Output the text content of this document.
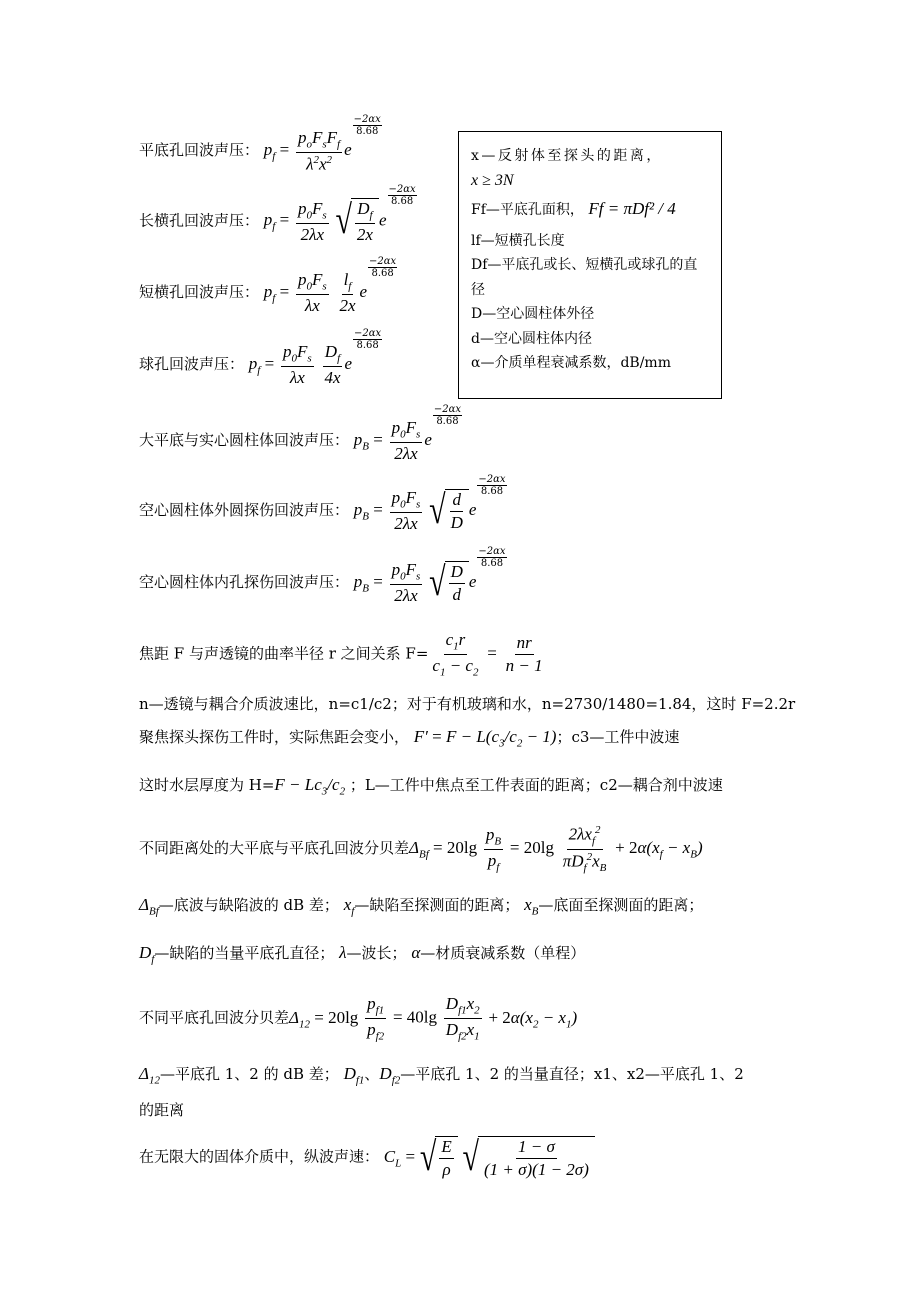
平底孔回波声压： $p_f = \frac{p_oF_sF_f}{\lambda^2x^2}$ e
$\frac{-2\alpha x}{8.68}$
长横孔回波声压： $p_f = \frac{p_0F_s}{2\lambda x}$
√ $\frac{D_f}{2x}$ e
$\frac{-2\alpha x}{8.68}$
短横孔回波声压： $p_f = \frac{p_0F_s}{\lambda x}$
$\frac{l_f}{2x}$ e
$\frac{-2\alpha x}{8.68}$
球孔回波声压： $p_f = \frac{p_0F_s}{\lambda x}$
$\frac{D_f}{4x}$ e
$\frac{-2\alpha x}{8.68}$
x—反射体至探头的距离，
x ≥ 3N
Ff—平底孔面积， Ff = πDf² / 4
lf—短横孔长度
Df—平底孔或长、短横孔或球孔的直径
D—空心圆柱体外径
d—空心圆柱体内径
α—介质单程衰减系数，dB/mm
大平底与实心圆柱体回波声压： $p_B = \frac{p_0F_s}{2\lambda x}$ e
$\frac{-2\alpha x}{8.68}$
空心圆柱体外圆探伤回波声压： $p_B = \frac{p_0F_s}{2\lambda x}$
√ $\frac{d}{D}$ e
$\frac{-2\alpha x}{8.68}$
空心圆柱体内孔探伤回波声压： $p_B = \frac{p_0F_s}{2\lambda x}$
√ $\frac{D}{d}$ e
$\frac{-2\alpha x}{8.68}$
焦距 F 与声透镜的曲率半径 r 之间关系 $F= \frac{c_1r}{c_1 - c_2} = \frac{nr}{n - 1}$
n—透镜与耦合介质波速比，n=c1/c2；对于有机玻璃和水，n=2730/1480=1.84，这时 F=2.2r
聚焦探头探伤工件时，实际焦距会变小， $F' = F - L(c_3/c_2 - 1)$；c3—工件中波速
这时水层厚度为 $H=F - Lc_3/c_2$ ；L—工件中焦点至工件表面的距离；c2—耦合剂中波速
不同距离处的大平底与平底孔回波分贝差$\Delta_{Bf} = 20\lg \frac{p_B}{p_f} = 20\lg \frac{2\lambda x_f^2}{\pi D_f^2x_B} + 2\alpha(x_f - x_B)$
$\Delta_{Bf}—$底波与缺陷波的 dB 差； $x_f—$缺陷至探测面的距离； $x_B—$底面至探测面的距离；
$D_f—$缺陷的当量平底孔直径； λ—波长； α—材质衰减系数（单程）
不同平底孔回波分贝差$\Delta_{12} = 20\lg \frac{p_{f1}}{p_{f2}} = 40\lg \frac{D_{f1}x_2}{D_{f2}x_1} + 2\alpha(x_2 - x_1)$
$\Delta_{12}—$平底孔 1、2 的 dB 差； $D_{f1}$、$D_{f2}—$平底孔 1、2 的当量直径；x1、x2—平底孔 1、2
的距离
在无限大的固体介质中，纵波声速： $C_L$ = √ $\frac{E}{\rho}$
√ $\frac{1 - \sigma}{(1 + \sigma)(1 - 2\sigma)}$
